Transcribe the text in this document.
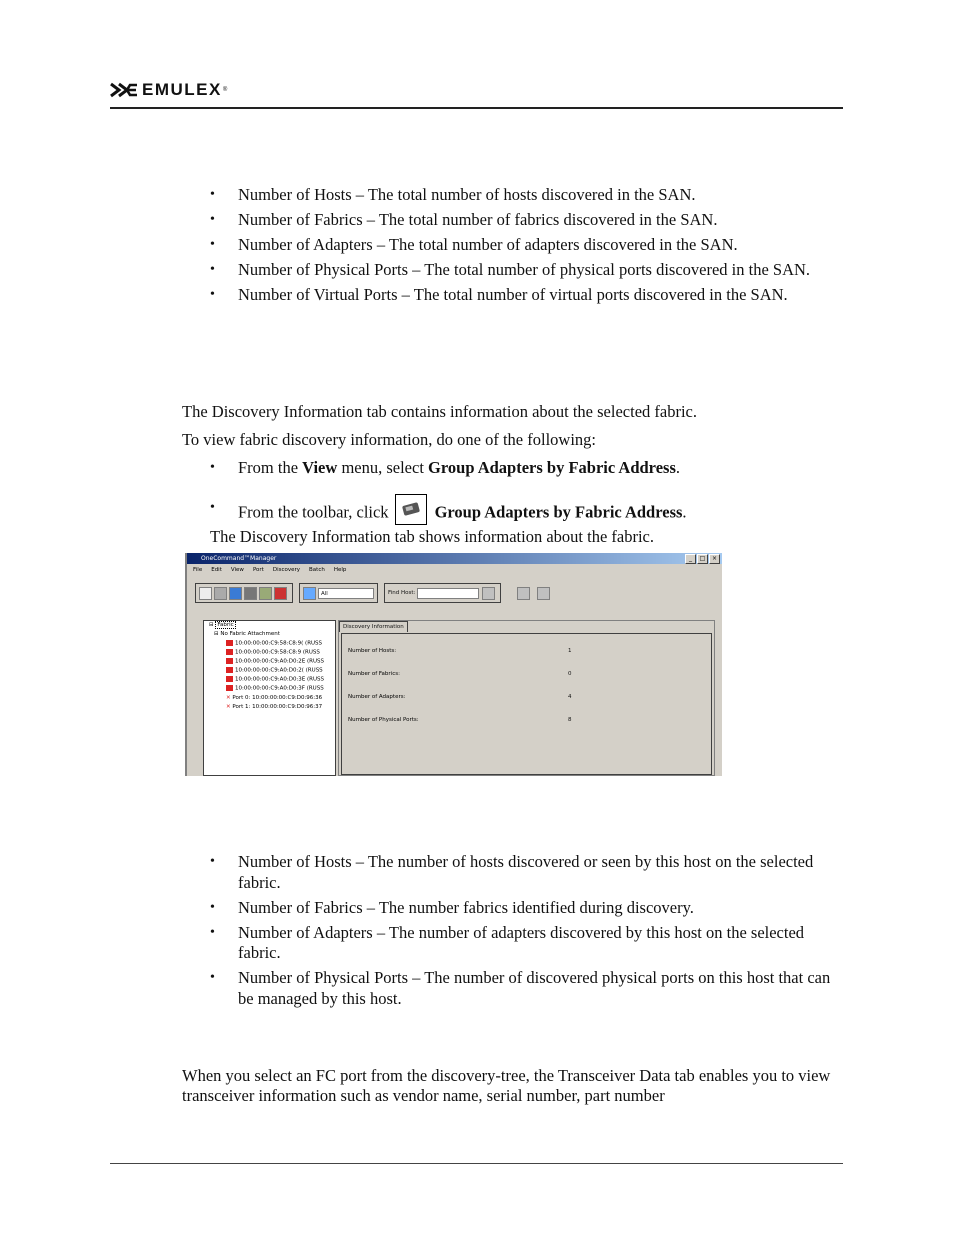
EMULEX ®
• Number of Hosts – The total number of hosts discovered in the SAN.
• Number of Fabrics – The total number of fabrics discovered in the SAN.
• Number of Adapters – The total number of adapters discovered in the SAN.
• Number of Physical Ports – The total number of physical ports discovered in the SAN.
• Number of Virtual Ports – The total number of virtual ports discovered in the SAN.
The Discovery Information tab contains information about the selected fabric.
To view fabric discovery information, do one of the following:
• From the View menu, select Group Adapters by Fabric Address.
• From the toolbar, click	Group Adapters by Fabric Address.
The Discovery Information tab shows information about the fabric.
OneCommand™Manager	_	□	×
File Edit View Port Discovery Batch Help
All	Find Host:
⊟ Fabric
⊟ No Fabric Attachment
10:00:00:00:C9:58:C8:9( (RUSS
10:00:00:00:C9:58:C8:9 (RUSS
10:00:00:00:C9:A0:D0:2E (RUSS
10:00:00:00:C9:A0:D0:2( (RUSS
10:00:00:00:C9:A0:D0:3E (RUSS
10:00:00:00:C9:A0:D0:3F (RUSS
✕ Port 0: 10:00:00:00:C9:D0:96:36
✕ Port 1: 10:00:00:00:C9:D0:96:37
Discovery Information
Number of Hosts:	1
Number of Fabrics:	0
Number of Adapters:	4
Number of Physical Ports:	8
• Number of Hosts – The number of hosts discovered or seen by this host on the selected fabric.
• Number of Fabrics – The number fabrics identified during discovery.
• Number of Adapters – The number of adapters discovered by this host on the selected fabric.
• Number of Physical Ports – The number of discovered physical ports on this host that can be managed by this host.
When you select an FC port from the discovery-tree, the Transceiver Data tab enables you to view transceiver information such as vendor name, serial number, part number
